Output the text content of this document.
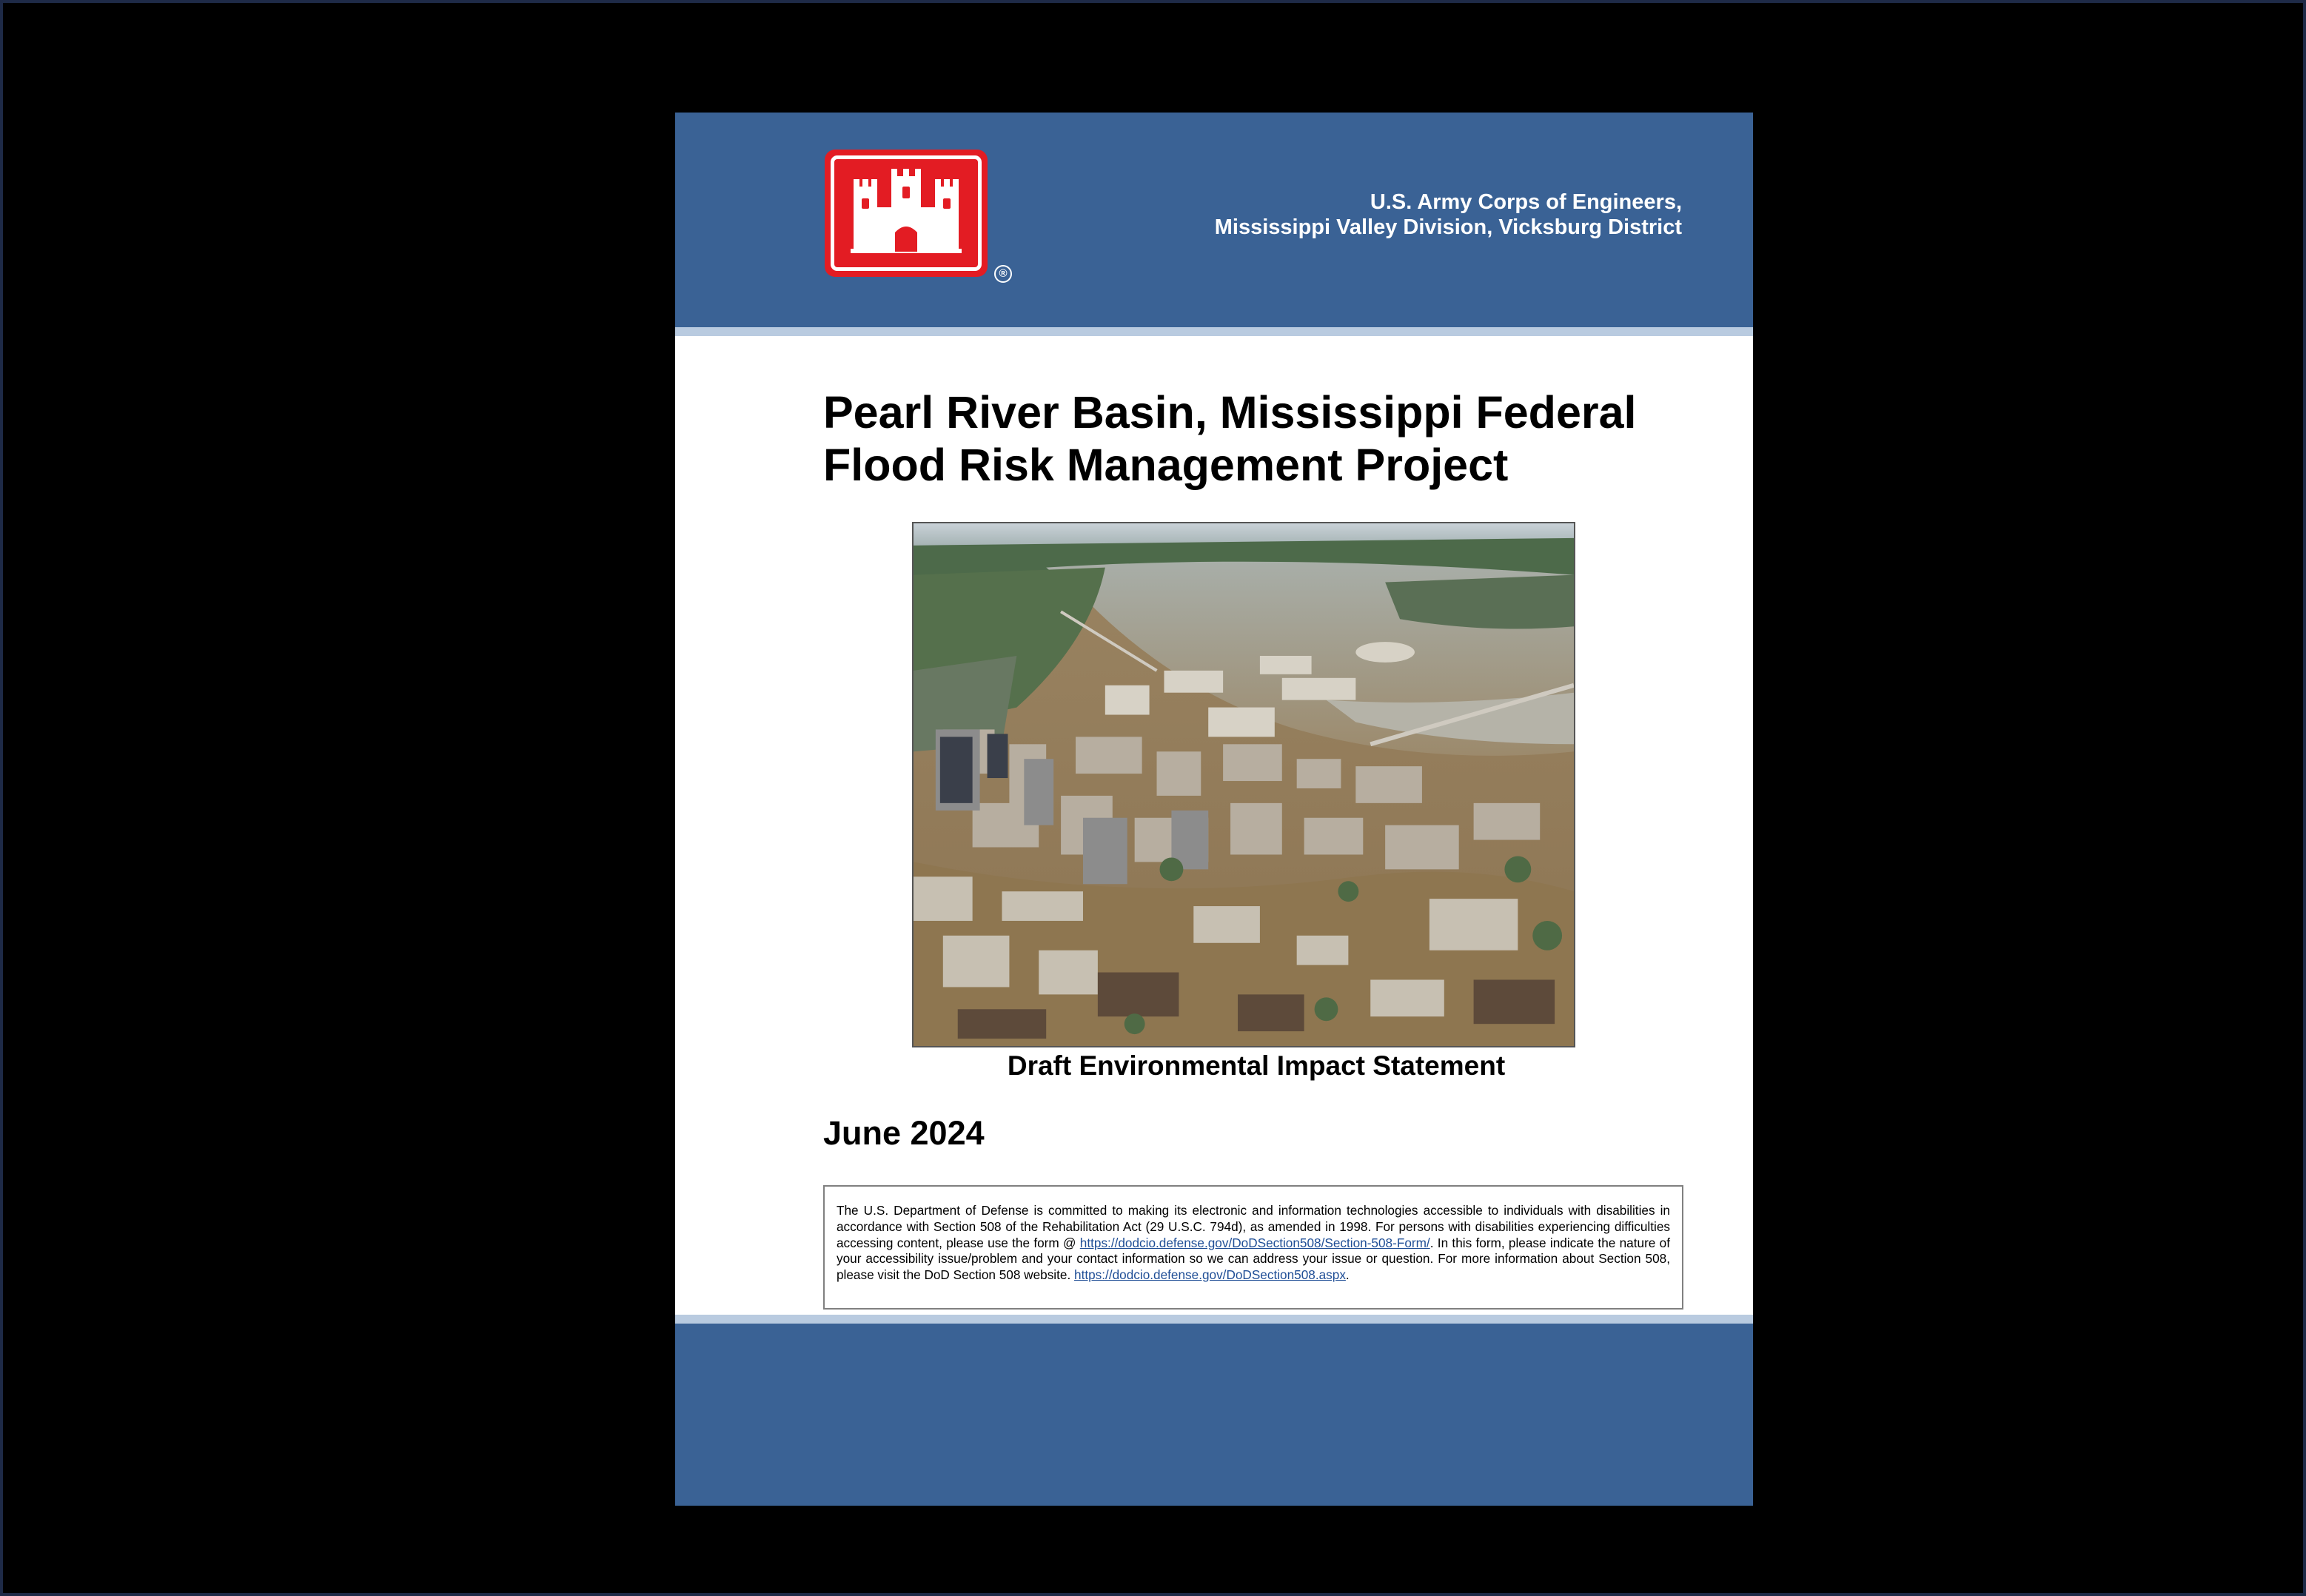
®
U.S. Army Corps of Engineers,
Mississippi Valley Division, Vicksburg District
Pearl River Basin, Mississippi Federal
Flood Risk Management Project
Draft Environmental Impact Statement
June 2024
The U.S. Department of Defense is committed to making its electronic and information technologies accessible to individuals with disabilities in accordance with Section 508 of the Rehabilitation Act (29 U.S.C. 794d), as amended in 1998. For persons with disabilities experiencing difficulties accessing content, please use the form @ https://dodcio.defense.gov/DoDSection508/Section-508-Form/. In this form, please indicate the nature of your accessibility issue/problem and your contact information so we can address your issue or question. For more information about Section 508, please visit the DoD Section 508 website. https://dodcio.defense.gov/DoDSection508.aspx.
